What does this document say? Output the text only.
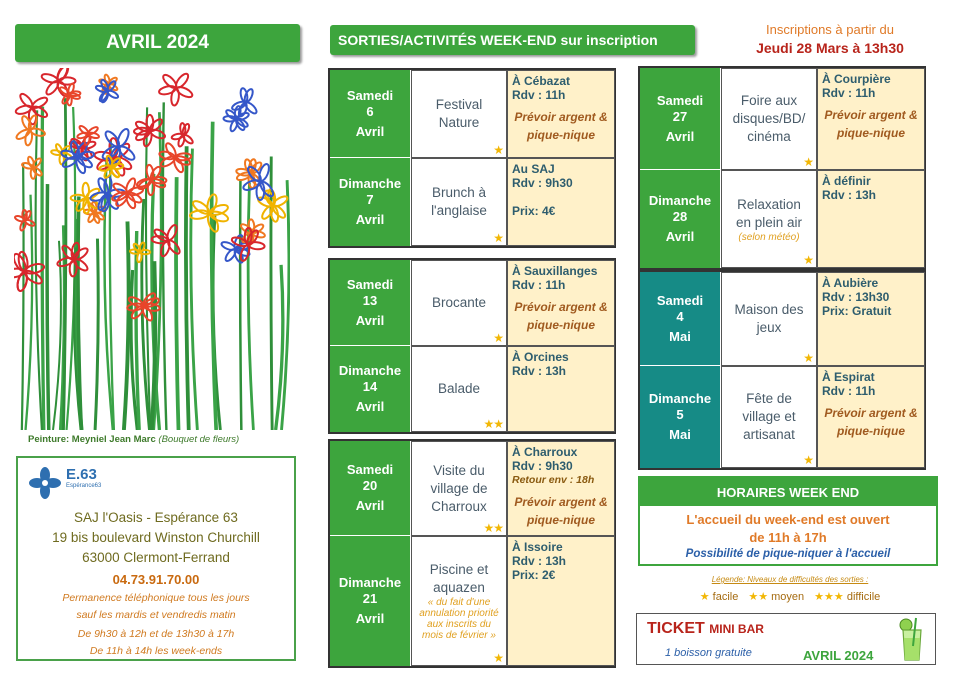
AVRIL 2024	SORTIES/ACTIVITÉS WEEK-END sur inscription
Inscriptions à partir du
Jeudi 28 Mars à 13h30
Peinture: Meyniel Jean Marc (Bouquet de fleurs)
E.63
Espérance63
SAJ l'Oasis - Espérance 63
19 bis boulevard Winston Churchill
63000 Clermont-Ferrand
04.73.91.70.00
Permanence téléphonique tous les jours
sauf les mardis et vendredis matin
De 9h30 à 12h et de 13h30 à 17h
De 11h à 14h les week-ends
Samedi
6
Avril
Festival Nature
★
À Cébazat
Rdv : 11h
Prévoir argent & pique-nique
Dimanche
7
Avril
Brunch à l'anglaise
★
Au SAJ
Rdv : 9h30
Prix: 4€
Samedi
13
Avril
Brocante
★
À Sauxillanges
Rdv : 11h
Prévoir argent & pique-nique
Dimanche
14
Avril
Balade
★★
À Orcines
Rdv : 13h
Samedi
20
Avril
Visite du village de Charroux
★★
À Charroux
Rdv : 9h30
Retour env : 18h
Prévoir argent & pique-nique
Dimanche
21
Avril
Piscine et aquazen
« du fait d'une annulation priorité aux inscrits du mois de février »
★
À Issoire
Rdv : 13h
Prix: 2€
Samedi
27
Avril
Foire aux disques/BD/ cinéma
★
À Courpière
Rdv : 11h
Prévoir argent & pique-nique
Dimanche
28
Avril
Relaxation en plein air
(selon météo)
★
À définir
Rdv : 13h
Samedi
4
Mai
Maison des jeux
★
À Aubière
Rdv : 13h30
Prix: Gratuit
Dimanche
5
Mai
Fête de village et artisanat
★
À Espirat
Rdv : 11h
Prévoir argent & pique-nique
HORAIRES WEEK END
L'accueil du week-end est ouvert
de 11h à 17h
Possibilité de pique-niquer à l'accueil
Légende: Niveaux de difficultés des sorties :
★ facile ★★ moyen ★★★ difficile
TICKET MINI BAR
1 boisson gratuite	AVRIL 2024
